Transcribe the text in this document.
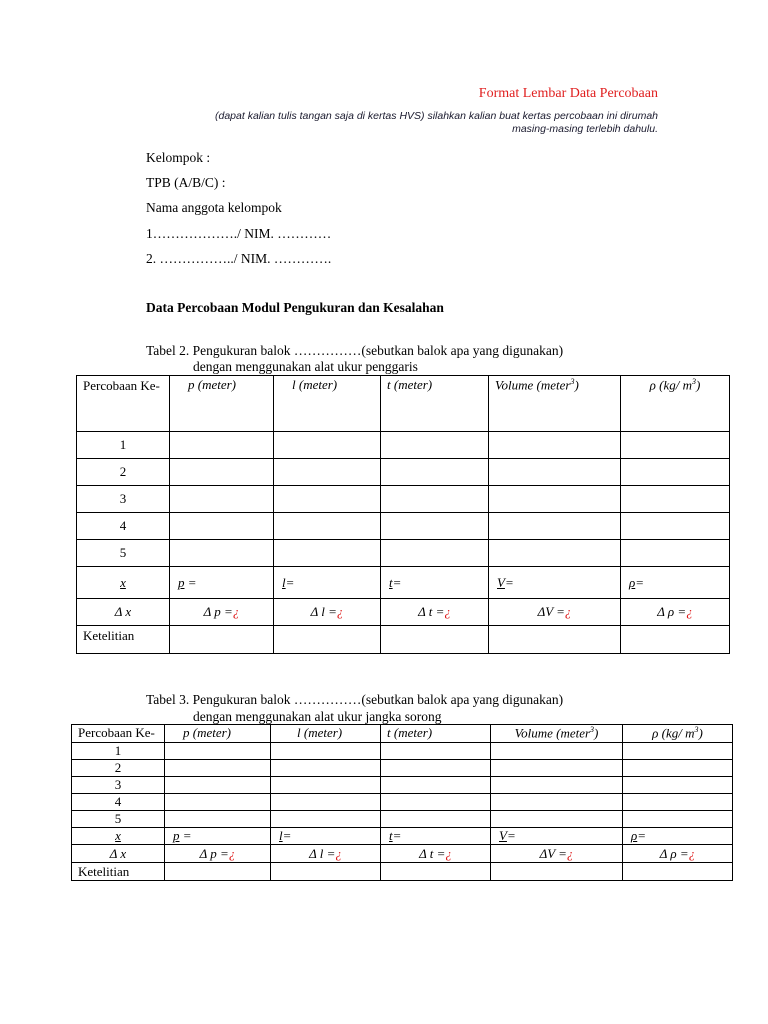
Format Lembar Data Percobaan
(dapat kalian tulis tangan saja di kertas HVS) silahkan kalian buat kertas percobaan ini dirumah
masing-masing terlebih dahulu.
Kelompok :
TPB (A/B/C) :
Nama anggota kelompok
1………………./ NIM. …………
2. ……………../ NIM. ………….
Data Percobaan Modul Pengukuran dan Kesalahan
Tabel 2. Pengukuran balok ……………(sebutkan balok apa yang digunakan)
dengan menggunakan alat ukur penggaris
Percobaan Ke-	p (meter)	l (meter)	t (meter)	Volume (meter$^3$)	ρ (kg/ $m^3$)
1					
2					
3					
4					
5					
x	p =	l=	t=	V=	ρ=
Δ x	Δ p =¿	Δ l =¿	Δ t =¿	ΔV =¿	Δ ρ =¿
Ketelitian					
Tabel 3. Pengukuran balok ……………(sebutkan balok apa yang digunakan)
dengan menggunakan alat ukur jangka sorong
Percobaan Ke-	p (meter)	l (meter)	t (meter)	Volume (meter$^3$)	ρ (kg/ $m^3$)
1					
2					
3					
4					
5					
x	p =	l=	t=	V=	ρ=
Δ x	Δ p =¿	Δ l =¿	Δ t =¿	ΔV =¿	Δ ρ =¿
Ketelitian					
